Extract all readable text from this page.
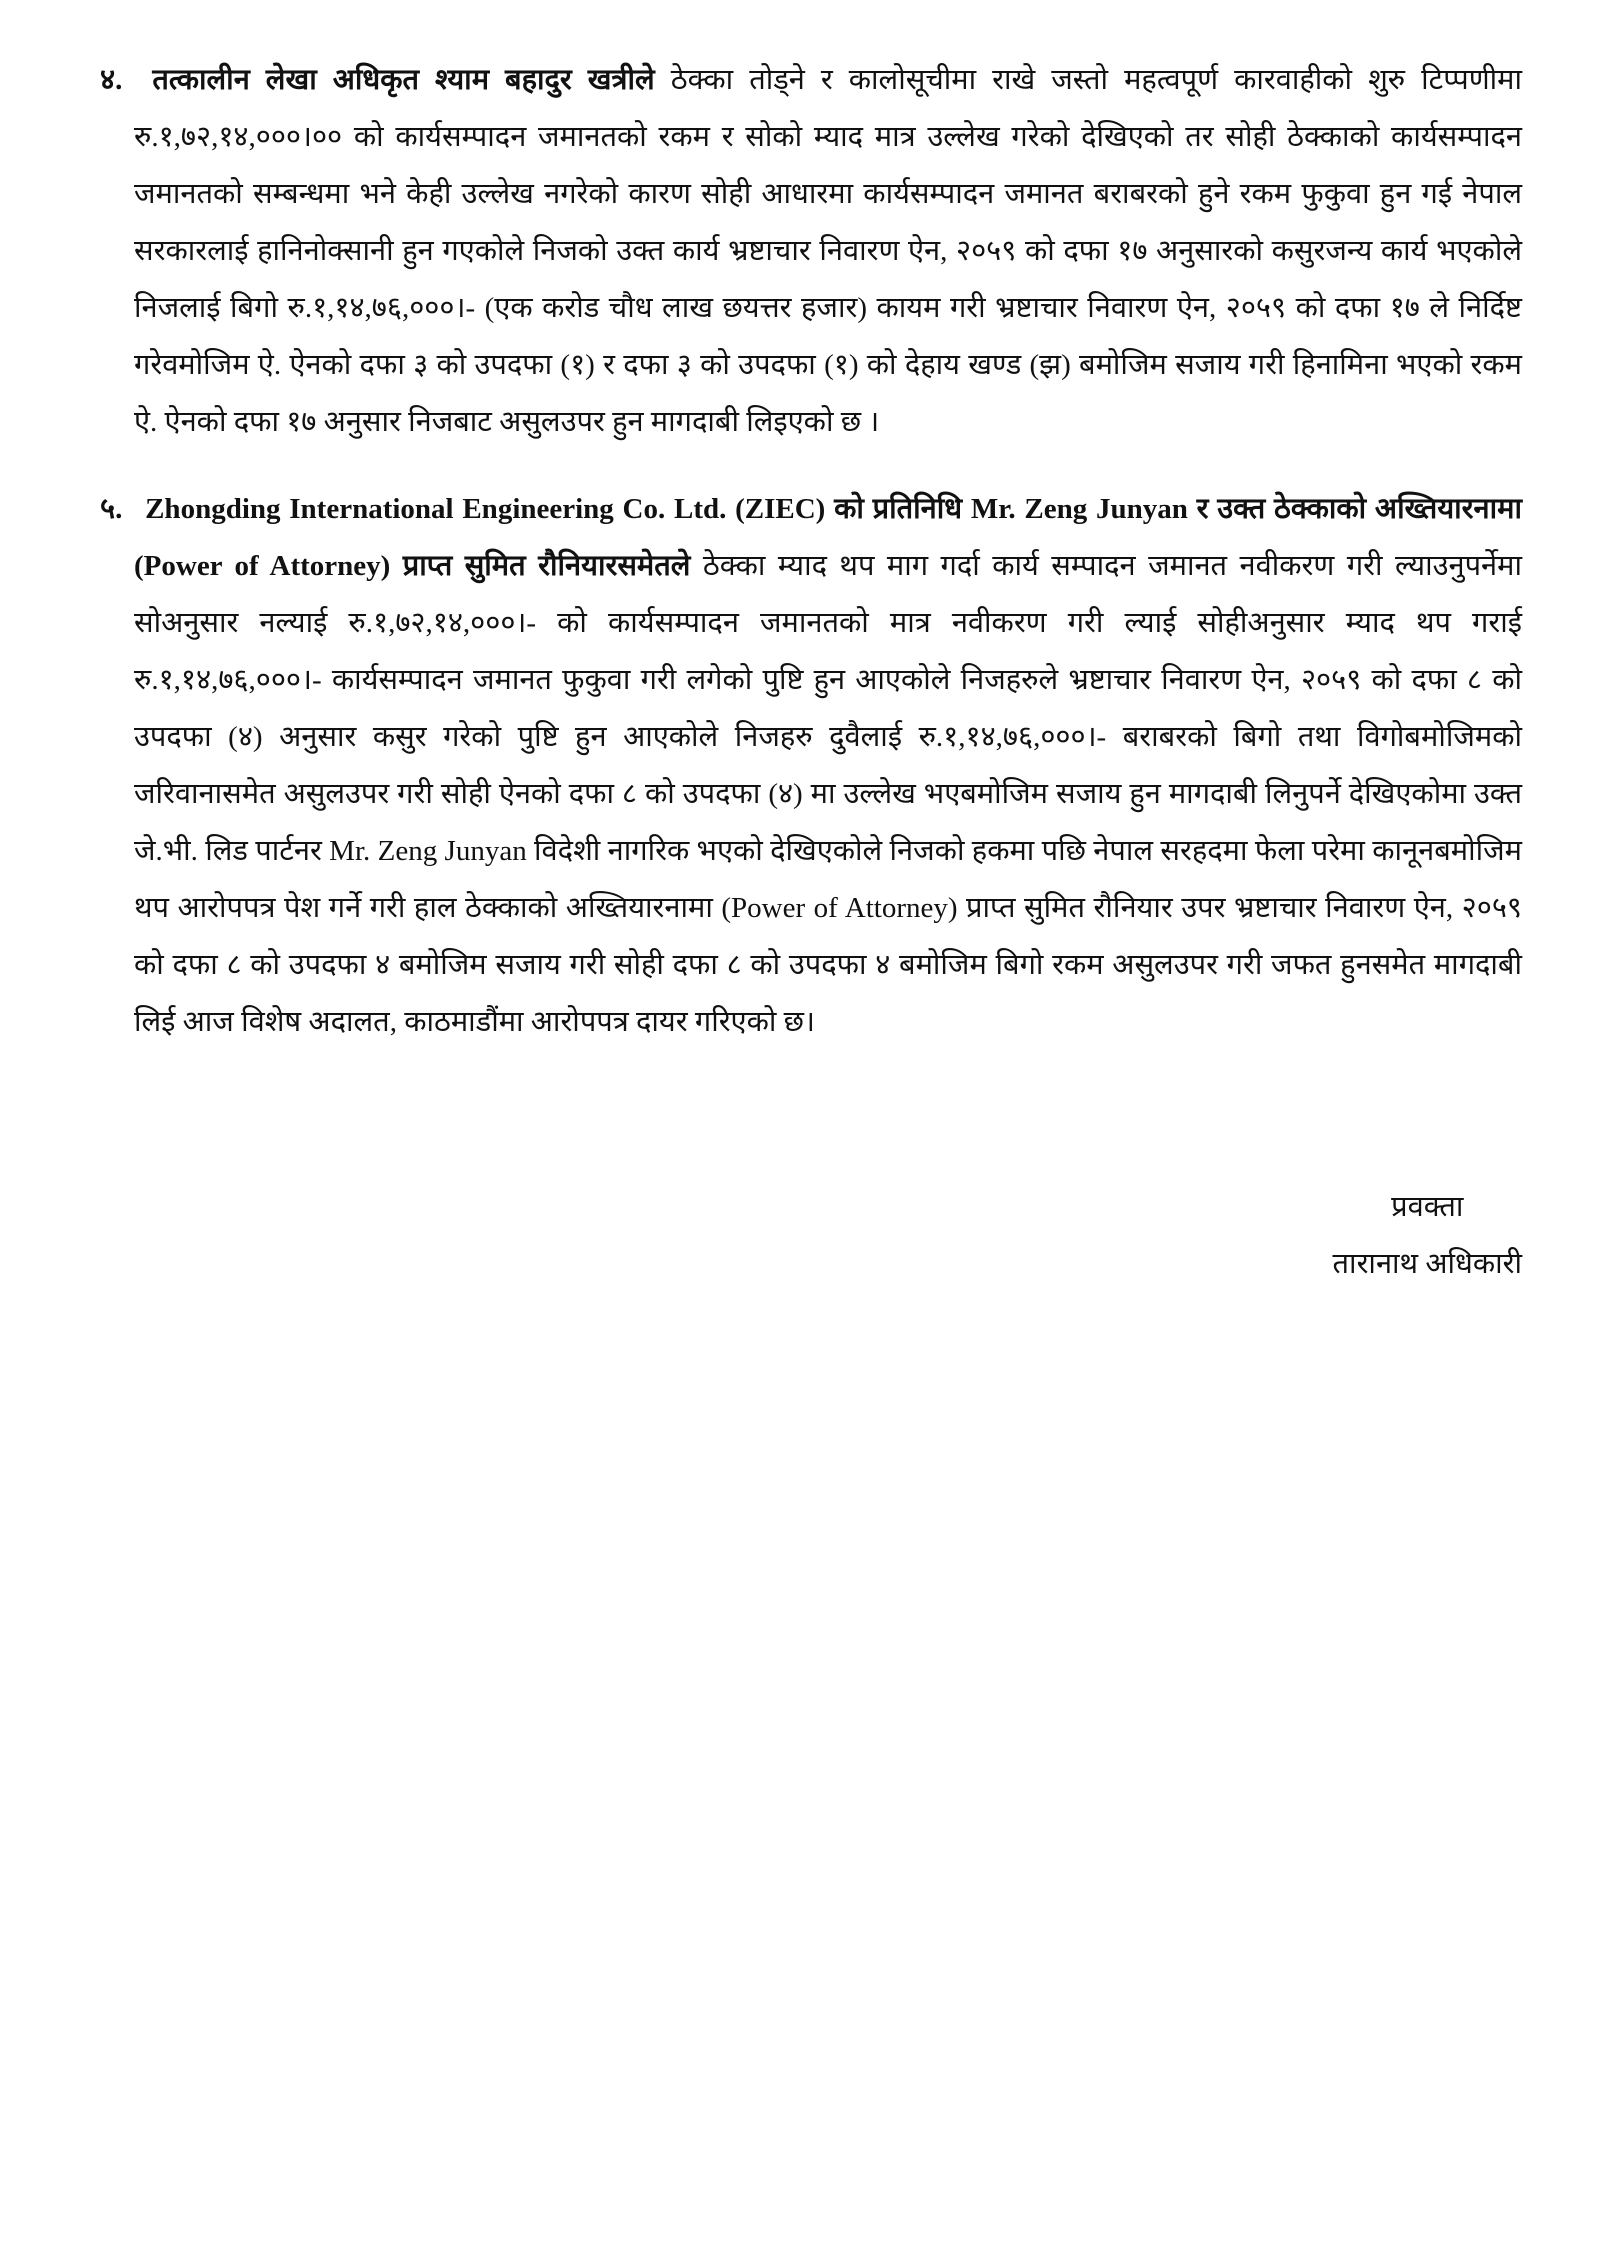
४. तत्कालीन लेखा अधिकृत श्याम बहादुर खत्रीले ठेक्का तोड्ने र कालोसूचीमा राखे जस्तो महत्वपूर्ण कारवाहीको शुरु टिप्पणीमा रु.१,७२,१४,०००।०० को कार्यसम्पादन जमानतको रकम र सोको म्याद मात्र उल्लेख गरेको देखिएको तर सोही ठेक्काको कार्यसम्पादन जमानतको सम्बन्धमा भने केही उल्लेख नगरेको कारण सोही आधारमा कार्यसम्पादन जमानत बराबरको हुने रकम फुकुवा हुन गई नेपाल सरकारलाई हानिनोक्सानी हुन गएकोले निजको उक्त कार्य भ्रष्टाचार निवारण ऐन, २०५९ को दफा १७ अनुसारको कसुरजन्य कार्य भएकोले निजलाई बिगो रु.१,१४,७६,०००।- (एक करोड चौध लाख छयत्तर हजार) कायम गरी भ्रष्टाचार निवारण ऐन, २०५९ को दफा १७ ले निर्दिष्ट गरेवमोजिम ऐ. ऐनको दफा ३ को उपदफा (१) र दफा ३ को उपदफा (१) को देहाय खण्ड (झ) बमोजिम सजाय गरी हिनामिना भएको रकम ऐ. ऐनको दफा १७ अनुसार निजबाट असुलउपर हुन मागदाबी लिइएको छ ।
५. Zhongding International Engineering Co. Ltd. (ZIEC) को प्रतिनिधि Mr. Zeng Junyan र उक्त ठेक्काको अख्तियारनामा (Power of Attorney) प्राप्त सुमित रौनियारसमेतले ठेक्का म्याद थप माग गर्दा कार्य सम्पादन जमानत नवीकरण गरी ल्याउनुपर्नेमा सोअनुसार नल्याई रु.१,७२,१४,०००।- को कार्यसम्पादन जमानतको मात्र नवीकरण गरी ल्याई सोहीअनुसार म्याद थप गराई रु.१,१४,७६,०००।- कार्यसम्पादन जमानत फुकुवा गरी लगेको पुष्टि हुन आएकोले निजहरुले भ्रष्टाचार निवारण ऐन, २०५९ को दफा ८ को उपदफा (४) अनुसार कसुर गरेको पुष्टि हुन आएकोले निजहरु दुवैलाई रु.१,१४,७६,०००।- बराबरको बिगो तथा विगोबमोजिमको जरिवानासमेत असुलउपर गरी सोही ऐनको दफा ८ को उपदफा (४) मा उल्लेख भएबमोजिम सजाय हुन मागदाबी लिनुपर्ने देखिएकोमा उक्त जे.भी. लिड पार्टनर Mr. Zeng Junyan विदेशी नागरिक भएको देखिएकोले निजको हकमा पछि नेपाल सरहदमा फेला परेमा कानूनबमोजिम थप आरोपपत्र पेश गर्ने गरी हाल ठेक्काको अख्तियारनामा (Power of Attorney) प्राप्त सुमित रौनियार उपर भ्रष्टाचार निवारण ऐन, २०५९ को दफा ८ को उपदफा ४ बमोजिम सजाय गरी सोही दफा ८ को उपदफा ४ बमोजिम बिगो रकम असुलउपर गरी जफत हुनसमेत मागदाबी लिई आज विशेष अदालत, काठमाडौंमा आरोपपत्र दायर गरिएको छ।
प्रवक्ता
तारानाथ अधिकारी
